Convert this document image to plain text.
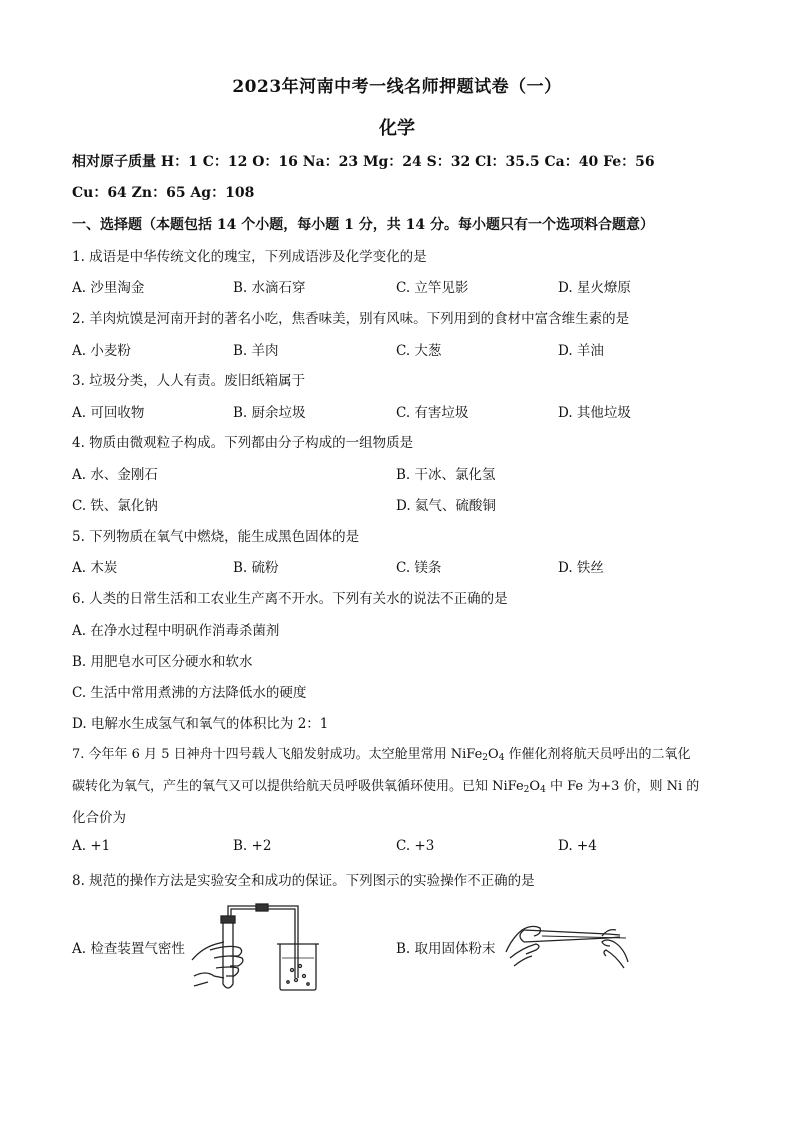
2023年河南中考一线名师押题试卷（一）
化学
相对原子质量 H：1 C：12 O：16 Na：23 Mg：24 S：32 Cl：35.5 Ca：40 Fe：56
Cu：64 Zn：65 Ag：108
一、选择题（本题包括 14 个小题，每小题 1 分，共 14 分。每小题只有一个选项料合题意）
1. 成语是中华传统文化的瑰宝，下列成语涉及化学变化的是
A. 沙里淘金	B. 水滴石穿	C. 立竿见影	D. 星火燎原
2. 羊肉炕馍是河南开封的著名小吃，焦香味美，别有风味。下列用到的食材中富含维生素的是
A. 小麦粉	B. 羊肉	C. 大葱	D. 羊油
3. 垃圾分类，人人有责。废旧纸箱属于
A. 可回收物	B. 厨余垃圾	C. 有害垃圾	D. 其他垃圾
4. 物质由微观粒子构成。下列都由分子构成的一组物质是
A. 水、金刚石	B. 干冰、氯化氢
C. 铁、氯化钠	D. 氦气、硫酸铜
5. 下列物质在氧气中燃烧，能生成黑色固体的是
A. 木炭	B. 硫粉	C. 镁条	D. 铁丝
6. 人类的日常生活和工农业生产离不开水。下列有关水的说法不正确的是
A. 在净水过程中明矾作消毒杀菌剂
B. 用肥皂水可区分硬水和软水
C. 生活中常用煮沸的方法降低水的硬度
D. 电解水生成氢气和氧气的体积比为 2：1
7. 今年年 6 月 5 日神舟十四号载人飞船发射成功。太空舱里常用 $NiFe_2O_4$ 作催化剂将航天员呼出的二氧化
碳转化为氧气，产生的氧气又可以提供给航天员呼吸供氧循环使用。已知 $NiFe_2O_4$ 中 Fe 为+3 价，则 Ni 的
化合价为
A. +1	B. +2	C. +3	D. +4
8. 规范的操作方法是实验安全和成功的保证。下列图示的实验操作不正确的是
A. 检查装置气密性	B. 取用固体粉末
